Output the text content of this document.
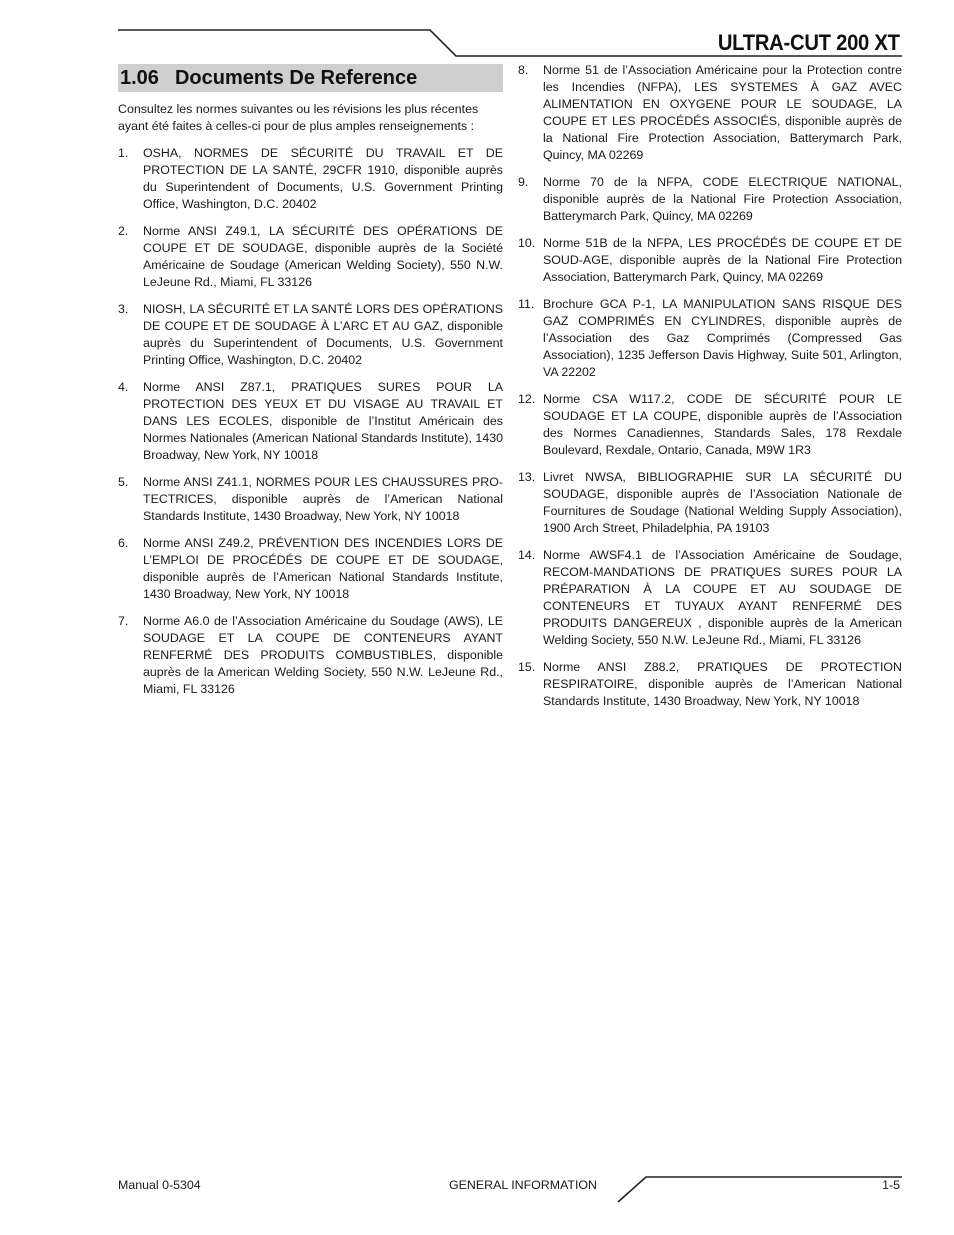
ULTRA-CUT 200 XT
1.06 Documents De Reference

Consultez les normes suivantes ou les révisions les plus récentes ayant été faites à celles-ci pour de plus amples renseignements :

1. OSHA, NORMES DE SÉCURITÉ DU TRAVAIL ET DE PROTECTION DE LA SANTÉ, 29CFR 1910, disponible auprès du Superintendent of Documents, U.S. Government Printing Office, Washington, D.C. 20402
2. Norme ANSI Z49.1, LA SÉCURITÉ DES OPÉRATIONS DE COUPE ET DE SOUDAGE, disponible auprès de la Société Américaine de Soudage (American Welding Society), 550 N.W. LeJeune Rd., Miami, FL 33126
3. NIOSH, LA SÉCURITÉ ET LA SANTÉ LORS DES OPÉRATIONS DE COUPE ET DE SOUDAGE À L’ARC ET AU GAZ, disponible auprès du Superintendent of Documents, U.S. Government Printing Office, Washington, D.C. 20402
4. Norme ANSI Z87.1, PRATIQUES SURES POUR LA PROTECTION DES YEUX ET DU VISAGE AU TRAVAIL ET DANS LES ECOLES, disponible de l’Institut Américain des Normes Nationales (American National Standards Institute), 1430 Broadway, New York, NY 10018
5. Norme ANSI Z41.1, NORMES POUR LES CHAUSSURES PRO-TECTRICES, disponible auprès de l’American National Standards Institute, 1430 Broadway, New York, NY 10018
6. Norme ANSI Z49.2, PRÉVENTION DES INCENDIES LORS DE L’EMPLOI DE PROCÉDÉS DE COUPE ET DE SOUDAGE, disponible auprès de l’American National Standards Institute, 1430 Broadway, New York, NY 10018
7. Norme A6.0 de l’Association Américaine du Soudage (AWS), LE SOUDAGE ET LA COUPE DE CONTENEURS AYANT RENFERMÉ DES PRODUITS COMBUSTIBLES, disponible auprès de la American Welding Society, 550 N.W. LeJeune Rd., Miami, FL 33126
8. Norme 51 de l’Association Américaine pour la Protection contre les Incendies (NFPA), LES SYSTEMES À GAZ AVEC ALIMENTATION EN OXYGENE POUR LE SOUDAGE, LA COUPE ET LES PROCÉDÉS ASSOCIÉS, disponible auprès de la National Fire Protection Association, Batterymarch Park, Quincy, MA 02269
9. Norme 70 de la NFPA, CODE ELECTRIQUE NATIONAL, disponible auprès de la National Fire Protection Association, Batterymarch Park, Quincy, MA 02269
10. Norme 51B de la NFPA, LES PROCÉDÉS DE COUPE ET DE SOUD-AGE, disponible auprès de la National Fire Protection Association, Batterymarch Park, Quincy, MA 02269
11. Brochure GCA P-1, LA MANIPULATION SANS RISQUE DES GAZ COMPRIMÉS EN CYLINDRES, disponible auprès de l’Association des Gaz Comprimés (Compressed Gas Association), 1235 Jefferson Davis Highway, Suite 501, Arlington, VA 22202
12. Norme CSA W117.2, CODE DE SÉCURITÉ POUR LE SOUDAGE ET LA COUPE, disponible auprès de l’Association des Normes Canadiennes, Standards Sales, 178 Rexdale Boulevard, Rexdale, Ontario, Canada, M9W 1R3
13. Livret NWSA, BIBLIOGRAPHIE SUR LA SÉCURITÉ DU SOUDAGE, disponible auprès de l’Association Nationale de Fournitures de Soudage (National Welding Supply Association), 1900 Arch Street, Philadelphia, PA 19103
14. Norme AWSF4.1 de l’Association Américaine de Soudage, RECOM-MANDATIONS DE PRATIQUES SURES POUR LA PRÉPARATION À LA COUPE ET AU SOUDAGE DE CONTENEURS ET TUYAUX AYANT RENFERMÉ DES PRODUITS DANGEREUX , disponible auprès de la American Welding Society, 550 N.W. LeJeune Rd., Miami, FL 33126
15. Norme ANSI Z88.2, PRATIQUES DE PROTECTION RESPIRATOIRE, disponible auprès de l’American National Standards Institute, 1430 Broadway, New York, NY 10018
Manual 0-5304	GENERAL INFORMATION	1-5
